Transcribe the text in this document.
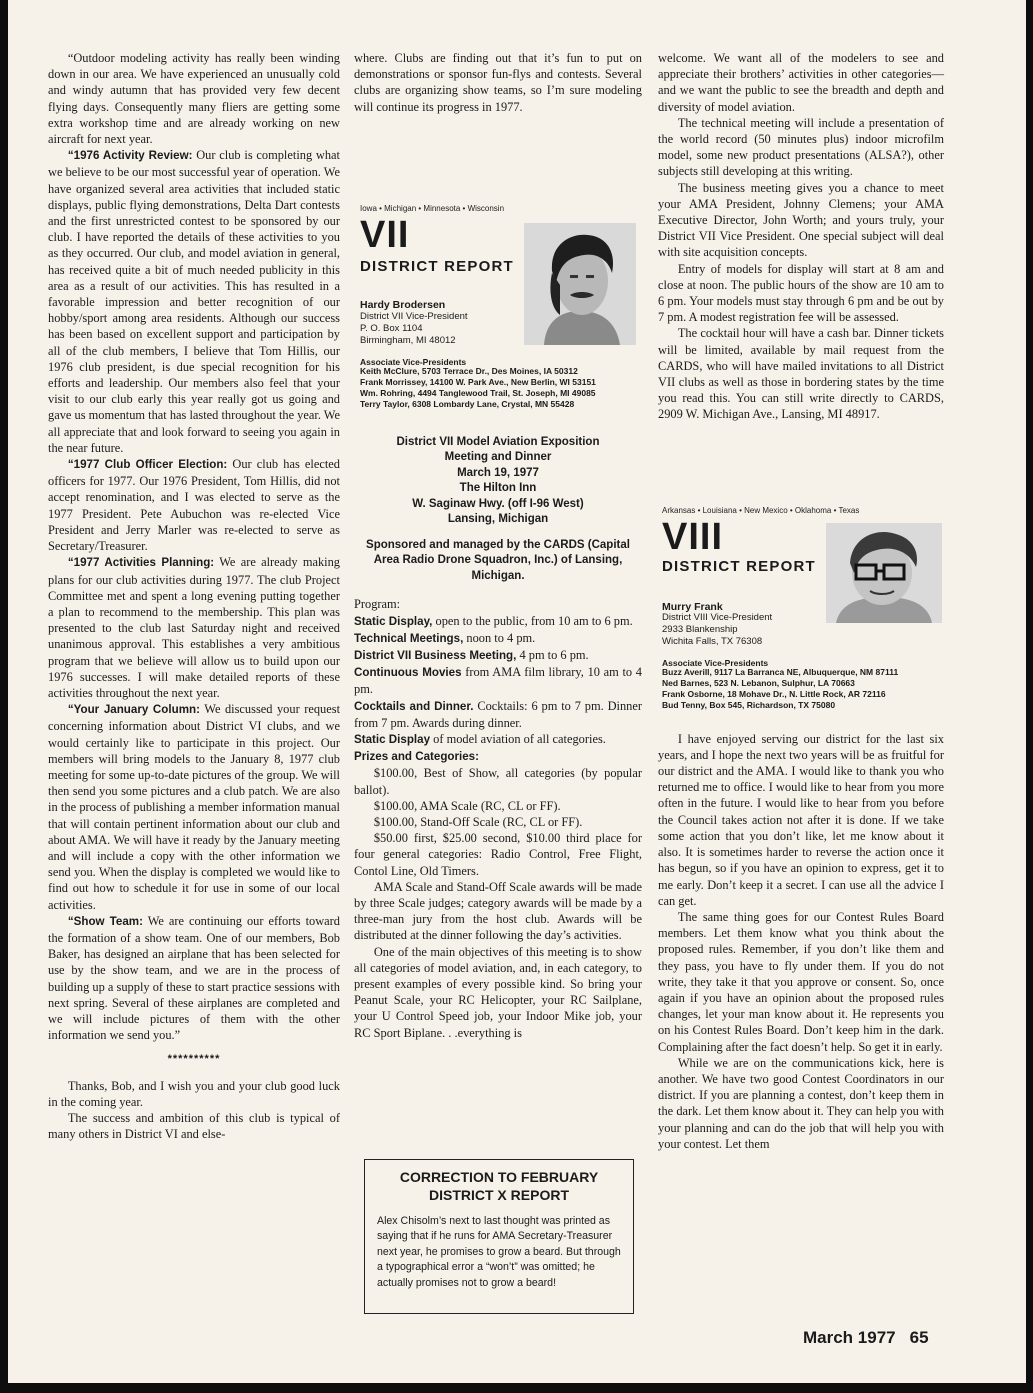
“Outdoor modeling activity has really been winding down in our area. We have experienced an unusually cold and windy autumn that has provided very few decent flying days. Consequently many fliers are getting some extra workshop time and are already working on new aircraft for next year.

“1976 Activity Review: Our club is completing what we believe to be our most successful year of operation. We have organized several area activities that included static displays, public flying demonstrations, Delta Dart contests and the first unrestricted contest to be sponsored by our club. I have reported the details of these activities to you as they occurred. Our club, and model aviation in general, has received quite a bit of much needed publicity in this area as a result of our activities. This has resulted in a favorable impression and better recognition of our hobby/sport among area residents. Although our success has been based on excellent support and participation by all of the club members, I believe that Tom Hillis, our 1976 club president, is due special recognition for his efforts and leadership. Our members also feel that your visit to our club early this year really got us going and gave us momentum that has lasted throughout the year. We all appreciate that and look forward to seeing you again in the near future.

“1977 Club Officer Election: Our club has elected officers for 1977. Our 1976 President, Tom Hillis, did not accept renomination, and I was elected to serve as the 1977 President. Pete Aubuchon was re-elected Vice President and Jerry Marler was re-elected to serve as Secretary/Treasurer.

“1977 Activities Planning: We are already making plans for our club activities during 1977. The club Project Committee met and spent a long evening putting together a plan to recommend to the membership. This plan was presented to the club last Saturday night and received unanimous approval. This establishes a very ambitious program that we believe will allow us to build upon our 1976 successes. I will make detailed reports of these activities throughout the next year.

“Your January Column: We discussed your request concerning information about District VI clubs, and we would certainly like to participate in this project. Our members will bring models to the January 8, 1977 club meeting for some up-to-date pictures of the group. We will then send you some pictures and a club patch. We are also in the process of publishing a member information manual that will contain pertinent information about our club and about AMA. We will have it ready by the January meeting and will include a copy with the other information we send you. When the display is completed we would like to find out how to schedule it for use in some of our local activities.

“Show Team: We are continuing our efforts toward the formation of a show team. One of our members, Bob Baker, has designed an airplane that has been selected for use by the show team, and we are in the process of building up a supply of these to start practice sessions with next spring. Several of these airplanes are completed and we will include pictures of them with the other information we send you.”

**********

Thanks, Bob, and I wish you and your club good luck in the coming year.

The success and ambition of this club is typical of many others in District VI and else-

where. Clubs are finding out that it’s fun to put on demonstrations or sponsor fun-flys and contests. Several clubs are organizing show teams, so I’m sure modeling will continue its progress in 1977.

Iowa • Michigan • Minnesota • Wisconsin
VII
DISTRICT REPORT
Hardy Brodersen
District VII Vice-President
P. O. Box 1104
Birmingham, MI 48012
Associate Vice-Presidents
Keith McClure, 5703 Terrace Dr., Des Moines, IA 50312
Frank Morrissey, 14100 W. Park Ave., New Berlin, WI 53151
Wm. Rohring, 4494 Tanglewood Trail, St. Joseph, MI 49085
Terry Taylor, 6308 Lombardy Lane, Crystal, MN 55428
District VII Model Aviation Exposition
Meeting and Dinner
March 19, 1977
The Hilton Inn
W. Saginaw Hwy. (off I-96 West)
Lansing, Michigan
Sponsored and managed by the CARDS (Capital Area Radio Drone Squadron, Inc.) of Lansing, Michigan.

Program:

Static Display, open to the public, from 10 am to 6 pm.

Technical Meetings, noon to 4 pm.

District VII Business Meeting, 4 pm to 6 pm.

Continuous Movies from AMA film library, 10 am to 4 pm.

Cocktails and Dinner. Cocktails: 6 pm to 7 pm. Dinner from 7 pm. Awards during dinner.

Static Display of model aviation of all categories.

Prizes and Categories:

$100.00, Best of Show, all categories (by popular ballot).

$100.00, AMA Scale (RC, CL or FF).

$100.00, Stand-Off Scale (RC, CL or FF).

$50.00 first, $25.00 second, $10.00 third place for four general categories: Radio Control, Free Flight, Contol Line, Old Timers.

AMA Scale and Stand-Off Scale awards will be made by three Scale judges; category awards will be made by a three-man jury from the host club. Awards will be distributed at the dinner following the day’s activities.

One of the main objectives of this meeting is to show all categories of model aviation, and, in each category, to present examples of every possible kind. So bring your Peanut Scale, your RC Helicopter, your RC Sailplane, your U Control Speed job, your Indoor Mike job, your RC Sport Biplane. . .everything is

CORRECTION TO FEBRUARY DISTRICT X REPORT
Alex Chisolm’s next to last thought was printed as saying that if he runs for AMA Secretary-Treasurer next year, he promises to grow a beard. But through a typographical error a “won’t” was omitted; he actually promises not to grow a beard!

welcome. We want all of the modelers to see and appreciate their brothers’ activities in other categories—and we want the public to see the breadth and depth and diversity of model aviation.

The technical meeting will include a presentation of the world record (50 minutes plus) indoor microfilm model, some new product presentations (ALSA?), other subjects still developing at this writing.

The business meeting gives you a chance to meet your AMA President, Johnny Clemens; your AMA Executive Director, John Worth; and yours truly, your District VII Vice President. One special subject will deal with site acquisition concepts.

Entry of models for display will start at 8 am and close at noon. The public hours of the show are 10 am to 6 pm. Your models must stay through 6 pm and be out by 7 pm. A modest registration fee will be assessed.

The cocktail hour will have a cash bar. Dinner tickets will be limited, available by mail request from the CARDS, who will have mailed invitations to all District VII clubs as well as those in bordering states by the time you read this. You can still write directly to CARDS, 2909 W. Michigan Ave., Lansing, MI 48917.

Arkansas • Louisiana • New Mexico • Oklahoma • Texas
VIII
DISTRICT REPORT
Murry Frank
District VIII Vice-President
2933 Blankenship
Wichita Falls, TX 76308
Associate Vice-Presidents
Buzz Averill, 9117 La Barranca NE, Albuquerque, NM 87111
Ned Barnes, 523 N. Lebanon, Sulphur, LA 70663
Frank Osborne, 18 Mohave Dr., N. Little Rock, AR 72116
Bud Tenny, Box 545, Richardson, TX 75080

I have enjoyed serving our district for the last six years, and I hope the next two years will be as fruitful for our district and the AMA. I would like to thank you who returned me to office. I would like to hear from you more often in the future. I would like to hear from you before the Council takes action not after it is done. If we take some action that you don’t like, let me know about it also. It is sometimes harder to reverse the action once it has begun, so if you have an opinion to express, get it to me early. Don’t keep it a secret. I can use all the advice I can get.

The same thing goes for our Contest Rules Board members. Let them know what you think about the proposed rules. Remember, if you don’t like them and they pass, you have to fly under them. If you do not write, they take it that you approve or consent. So, once again if you have an opinion about the proposed rules changes, let your man know about it. He represents you on his Contest Rules Board. Don’t keep him in the dark. Complaining after the fact doesn’t help. So get it in early.

While we are on the communications kick, here is another. We have two good Contest Coordinators in our district. If you are planning a contest, don’t keep them in the dark. Let them know about it. They can help you with your planning and can do the job that will help you with your contest. Let them

March 1977 65
